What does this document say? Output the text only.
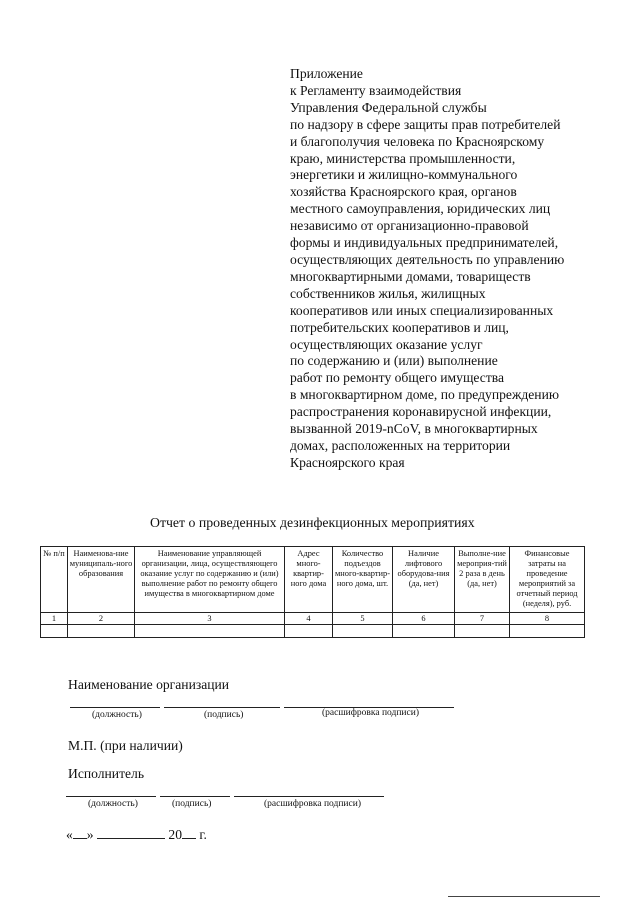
Приложение
к Регламенту взаимодействия
Управления Федеральной службы
по надзору в сфере защиты прав потребителей
и благополучия человека по Красноярскому
краю, министерства промышленности,
энергетики и жилищно-коммунального
хозяйства Красноярского края, органов
местного самоуправления, юридических лиц
независимо от организационно-правовой
формы и индивидуальных предпринимателей,
осуществляющих деятельность по управлению
многоквартирными домами, товариществ
собственников жилья, жилищных
кооперативов или иных специализированных
потребительских кооперативов и лиц,
осуществляющих оказание услуг
по содержанию и (или) выполнение
работ по ремонту общего имущества
в многоквартирном доме, по предупреждению
распространения коронавирусной инфекции,
вызванной 2019-nCoV, в многоквартирных
домах, расположенных на территории
Красноярского края
Отчет о проведенных дезинфекционных мероприятиях
№ п/п	Наименова-ние муниципаль-ного образования	Наименование управляющей организации, лица, осуществляющего оказание услуг по содержанию и (или) выполнение работ по ремонту общего имущества в многоквартирном доме	Адрес много-квартир-ного дома	Количество подъездов много-квартир-ного дома, шт.	Наличие лифтового оборудова-ния (да, нет)	Выполне-ние мероприя-тий 2 раза в день (да, нет)	Финансовые затраты на проведение мероприятий за отчетный период (неделя), руб.
1	2	3	4	5	6	7	8

Наименование организации
(должность)	(подпись)	(расшифровка подписи)
М.П. (при наличии)
Исполнитель
(должность)	(подпись)	(расшифровка подписи)
« »	20 г.
